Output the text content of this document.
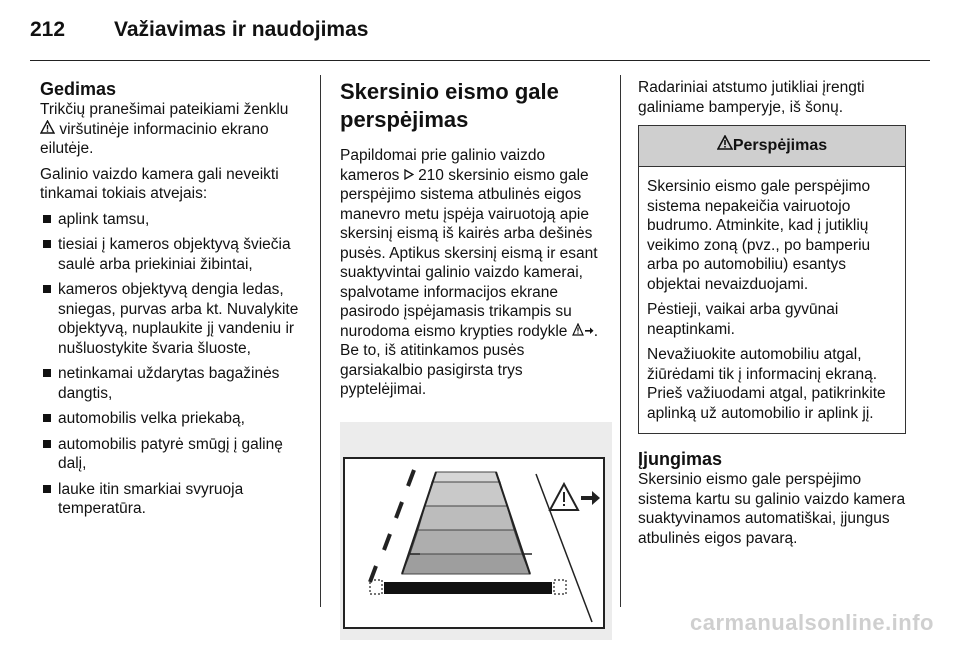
212 Važiavimas ir naudojimas
Gedimas

Trikčių pranešimai pateikiami ženklu
viršutinėje informacinio ekrano eilutėje.

Galinio vaizdo kamera gali neveikti tinkamai tokiais atvejais:

aplink tamsu,
tiesiai į kameros objektyvą šviečia saulė arba priekiniai žibintai,
kameros objektyvą dengia ledas, sniegas, purvas arba kt. Nuvalykite objektyvą, nuplaukite jį vandeniu ir nušluostykite švaria šluoste,
netinkamai uždarytas bagažinės dangtis,
automobilis velka priekabą,
automobilis patyrė smūgį į galinę dalį,
lauke itin smarkiai svyruoja temperatūra.
Skersinio eismo gale perspėjimas

Papildomai prie galinio vaizdo kameros 210 skersinio eismo gale perspėjimo sistema atbulinės eigos manevro metu įspėja vairuotoją apie skersinį eismą iš kairės arba dešinės pusės. Aptikus skersinį eismą ir esant suaktyvintai galinio vaizdo kamerai, spalvotame informacijos ekrane pasirodo įspėjamasis trikampis su nurodoma eismo krypties rodykle . Be to, iš atitinkamos pusės garsiakalbio pasigirsta trys pyptelėjimai.

Radariniai atstumo jutikliai įrengti galiniame bamperyje, iš šonų.

Perspėjimas

Skersinio eismo gale perspėjimo sistema nepakeičia vairuotojo budrumo. Atminkite, kad į jutiklių veikimo zoną (pvz., po bamperiu arba po automobiliu) esantys objektai nevaizduojami.

Pėstieji, vaikai arba gyvūnai neaptinkami.

Nevažiuokite automobiliu atgal, žiūrėdami tik į informacinį ekraną. Prieš važiuodami atgal, patikrinkite aplinką už automobilio ir aplink jį.

Įjungimas

Skersinio eismo gale perspėjimo sistema kartu su galinio vaizdo kamera suaktyvinamos automatiškai, įjungus atbulinės eigos pavarą.

carmanualsonline.info
